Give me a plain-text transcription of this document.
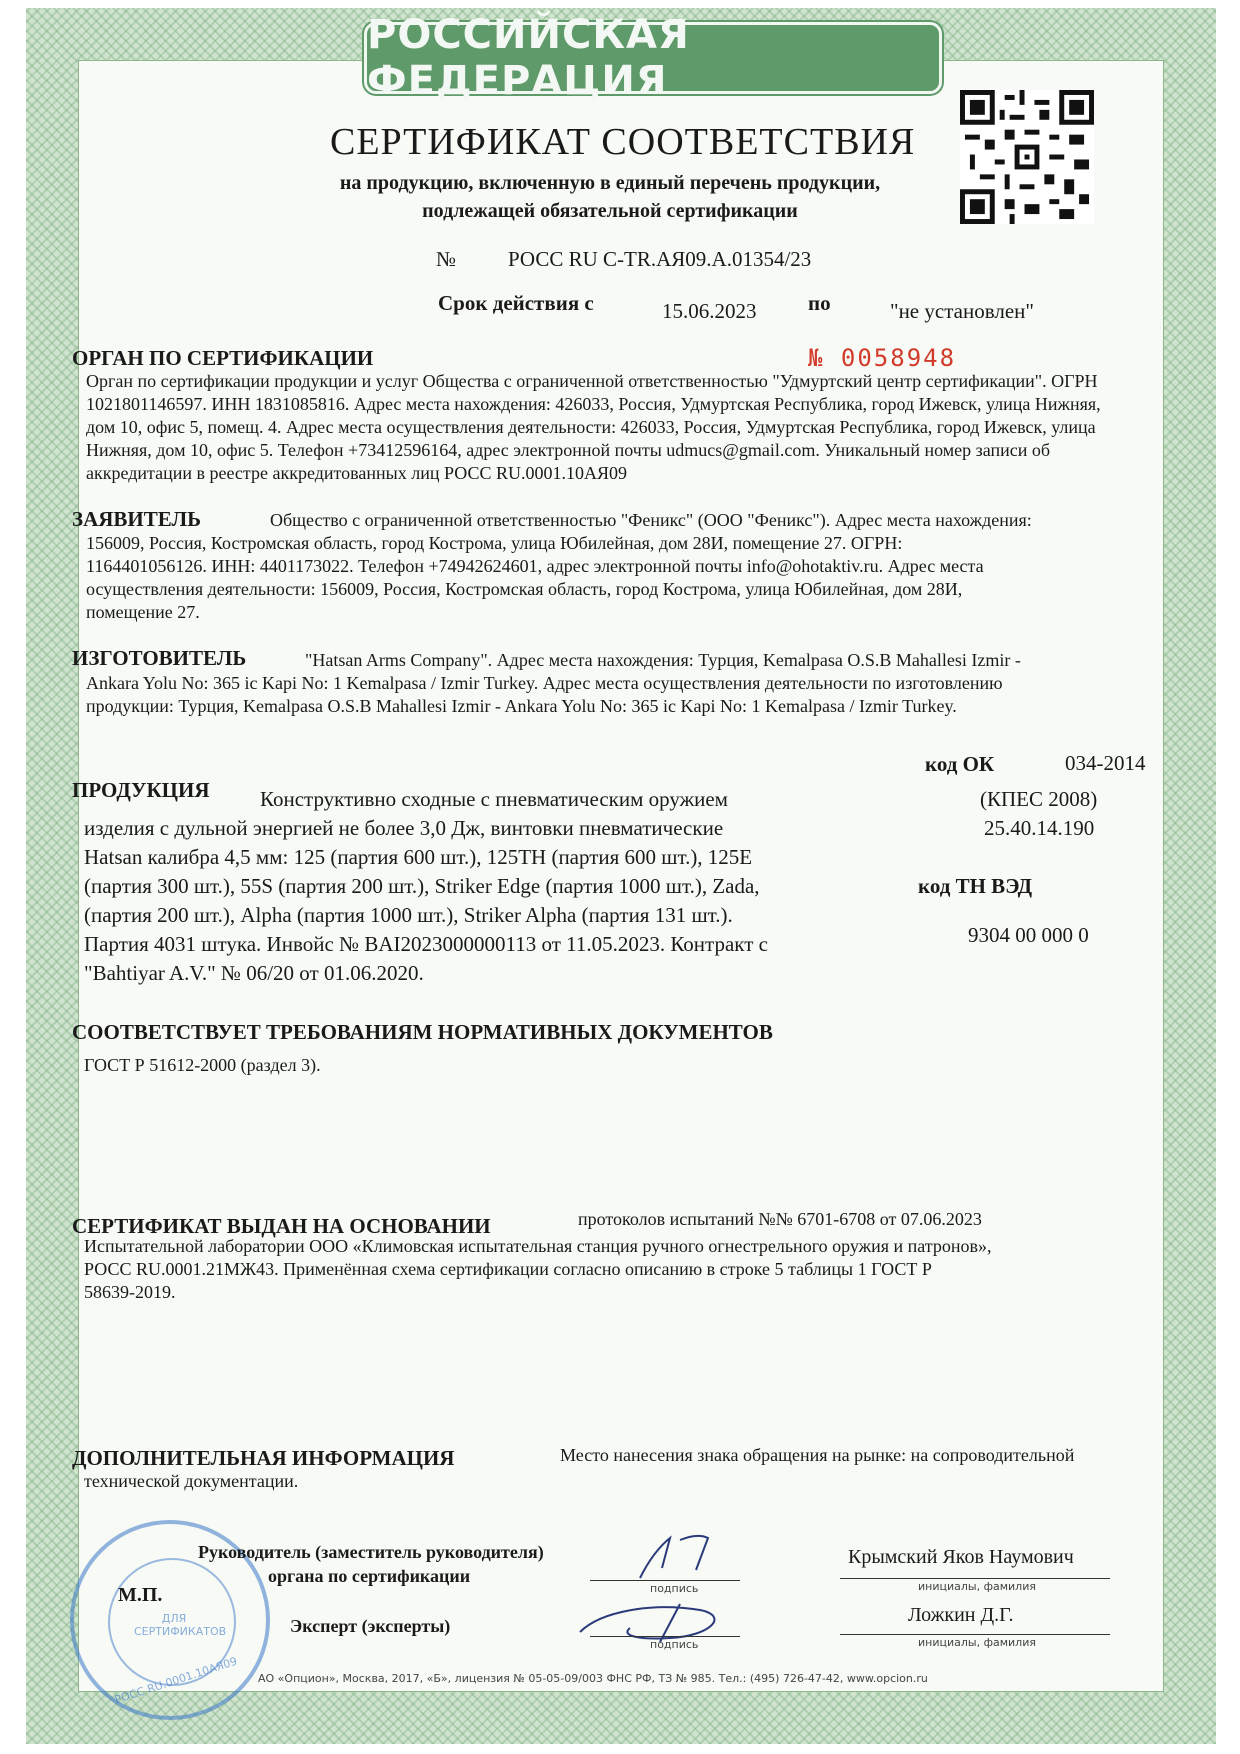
РОССИЙСКАЯ ФЕДЕРАЦИЯ
СЕРТИФИКАТ СООТВЕТСТВИЯ
на продукцию, включенную в единый перечень продукции,
подлежащей обязательной сертификации
№ РОСС RU C-TR.АЯ09.А.01354/23
Срок действия с	15.06.2023 по	"не установлен"
ОРГАН ПО СЕРТИФИКАЦИИ	№ 0058948
Орган по сертификации продукции и услуг Общества с ограниченной ответственностью "Удмуртский центр сертификации". ОГРН
1021801146597. ИНН 1831085816. Адрес места нахождения: 426033, Россия, Удмуртская Республика, город Ижевск, улица Нижняя,
дом 10, офис 5, помещ. 4. Адрес места осуществления деятельности: 426033, Россия, Удмуртская Республика, город Ижевск, улица
Нижняя, дом 10, офис 5. Телефон +73412596164, адрес электронной почты udmucs@gmail.com. Уникальный номер записи об
аккредитации в реестре аккредитованных лиц РОСС RU.0001.10АЯ09
ЗАЯВИТЕЛЬ	Общество с ограниченной ответственностью "Феникс" (ООО "Феникс"). Адрес места нахождения:
156009, Россия, Костромская область, город Кострома, улица Юбилейная, дом 28И, помещение 27. ОГРН:
1164401056126. ИНН: 4401173022. Телефон +74942624601, адрес электронной почты info@ohotaktiv.ru. Адрес места
осуществления деятельности: 156009, Россия, Костромская область, город Кострома, улица Юбилейная, дом 28И,
помещение 27.
ИЗГОТОВИТЕЛЬ	"Hatsan Arms Company". Адрес места нахождения: Турция, Kemalpasa O.S.B Mahallesi Izmir -
Ankara Yolu No: 365 ic Kapi No: 1 Kemalpasa / Izmir Turkey. Адрес места осуществления деятельности по изготовлению
продукции: Турция, Kemalpasa O.S.B Mahallesi Izmir - Ankara Yolu No: 365 ic Kapi No: 1 Kemalpasa / Izmir Turkey.
код ОК	034-2014
ПРОДУКЦИЯ Конструктивно сходные с пневматическим оружием	(КПЕС 2008)
изделия с дульной энергией не более 3,0 Дж, винтовки пневматические	25.40.14.190
Hatsan калибра 4,5 мм: 125 (партия 600 шт.), 125TH (партия 600 шт.), 125E
(партия 300 шт.), 55S (партия 200 шт.), Striker Edge (партия 1000 шт.), Zada,	код ТН ВЭД
(партия 200 шт.), Alpha (партия 1000 шт.), Striker Alpha (партия 131 шт.).
Партия 4031 штука. Инвойс № BAI2023000000113 от 11.05.2023. Контракт с	9304 00 000 0
"Bahtiyar A.V." № 06/20 от 01.06.2020.
СООТВЕТСТВУЕТ ТРЕБОВАНИЯМ НОРМАТИВНЫХ ДОКУМЕНТОВ
ГОСТ Р 51612-2000 (раздел 3).
СЕРТИФИКАТ ВЫДАН НА ОСНОВАНИИ	протоколов испытаний №№ 6701-6708 от 07.06.2023
Испытательной лаборатории ООО «Климовская испытательная станция ручного огнестрельного оружия и патронов»,
РОСС RU.0001.21МЖ43. Применённая схема сертификации согласно описанию в строке 5 таблицы 1 ГОСТ Р
58639-2019.
ДОПОЛНИТЕЛЬНАЯ ИНФОРМАЦИЯ	Место нанесения знака обращения на рынке: на сопроводительной
технической документации.
ДЛЯ СЕРТИФИКАТОВ
РОСС RU.0001.10АЯ09
Руководитель (заместитель руководителя)
органа по сертификации
М.П.
Эксперт (эксперты)
подпись
Крымский Яков Наумович
инициалы, фамилия
подпись
Ложкин Д.Г.
инициалы, фамилия
АО «Опцион», Москва, 2017, «Б», лицензия № 05-05-09/003 ФНС РФ, ТЗ № 985. Тел.: (495) 726-47-42, www.opcion.ru
